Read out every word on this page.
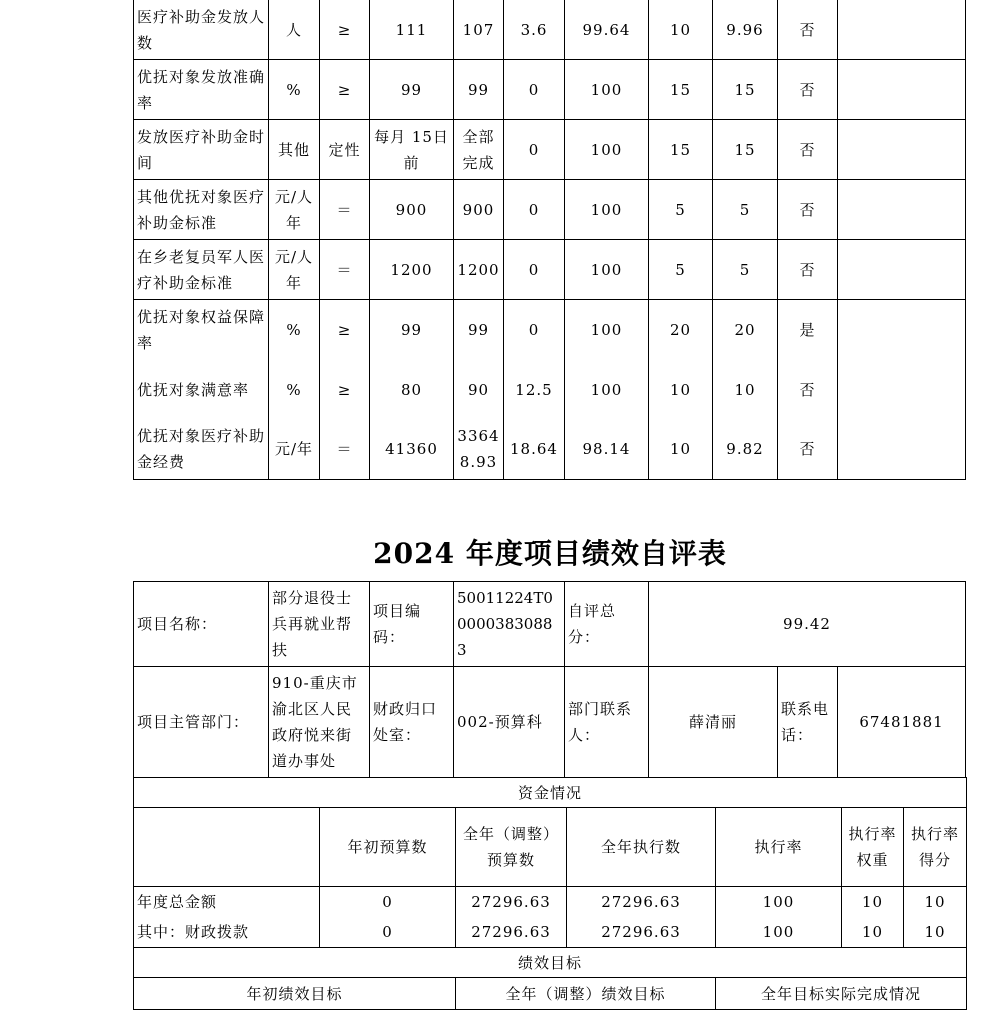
医疗补助金发放人数	人	≥	111	107	3.6	99.64	10	9.96	否	
优抚对象发放准确率	%	≥	99	99	0	100	15	15	否	
发放医疗补助金时间	其他	定性	每月 15日前	全部完成	0	100	15	15	否	
其他优抚对象医疗补助金标准	元/人年	＝	900	900	0	100	5	5	否	
在乡老复员军人医疗补助金标准	元/人年	＝	1200	1200	0	100	5	5	否	
优抚对象权益保障率	%	≥	99	99	0	100	20	20	是	
优抚对象满意率	%	≥	80	90	12.5	100	10	10	否	
优抚对象医疗补助金经费	元/年	＝	41360	33648.93	18.64	98.14	10	9.82	否	
2024 年度项目绩效自评表
项目名称：	部分退役士兵再就业帮扶	项目编码：	50011224T000003830883	自评总分：	99.42		
项目主管部门：	910-重庆市渝北区人民政府悦来街道办事处	财政归口处室：	002-预算科	部门联系人：	薛清丽	联系电话：	67481881
资金情况						
	年初预算数	全年（调整）预算数	全年执行数	执行率	执行率权重	执行率得分
年度总金额	0	27296.63	27296.63	100	10	10
其中：财政拨款	0	27296.63	27296.63	100	10	10
绩效目标						
年初绩效目标		全年（调整）绩效目标		全年目标实际完成情况		
